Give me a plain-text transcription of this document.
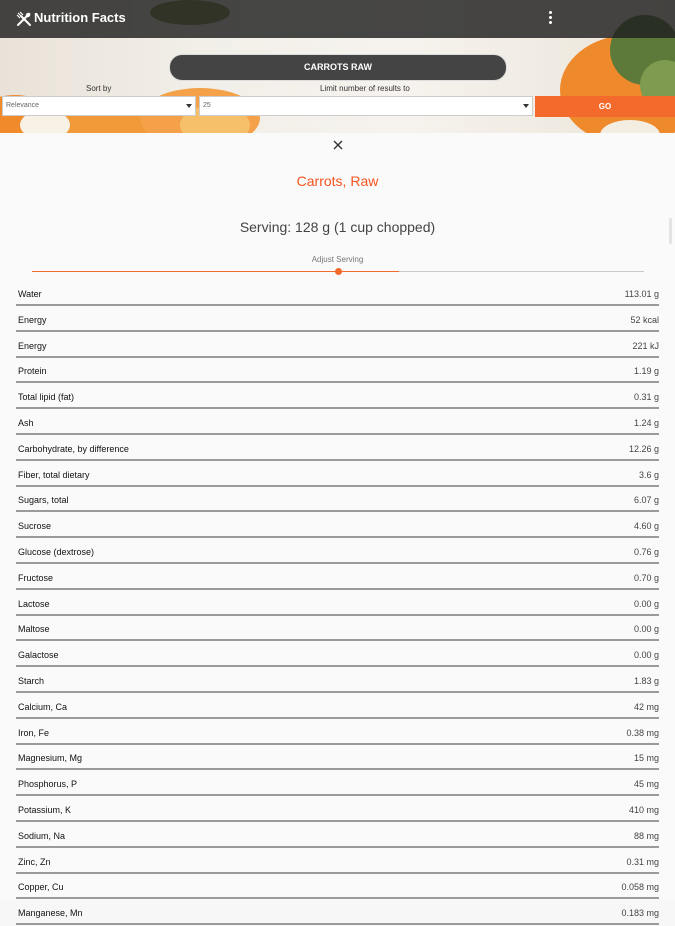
Nutrition Facts
CARROTS RAW
Sort by	Limit number of results to
Relevance	25	GO
Carrots, Raw
Serving: 128 g (1 cup chopped)
Adjust Serving
Water	113.01 g
Energy	52 kcal
Energy	221 kJ
Protein	1.19 g
Total lipid (fat)	0.31 g
Ash	1.24 g
Carbohydrate, by difference	12.26 g
Fiber, total dietary	3.6 g
Sugars, total	6.07 g
Sucrose	4.60 g
Glucose (dextrose)	0.76 g
Fructose	0.70 g
Lactose	0.00 g
Maltose	0.00 g
Galactose	0.00 g
Starch	1.83 g
Calcium, Ca	42 mg
Iron, Fe	0.38 mg
Magnesium, Mg	15 mg
Phosphorus, P	45 mg
Potassium, K	410 mg
Sodium, Na	88 mg
Zinc, Zn	0.31 mg
Copper, Cu	0.058 mg
Manganese, Mn	0.183 mg
